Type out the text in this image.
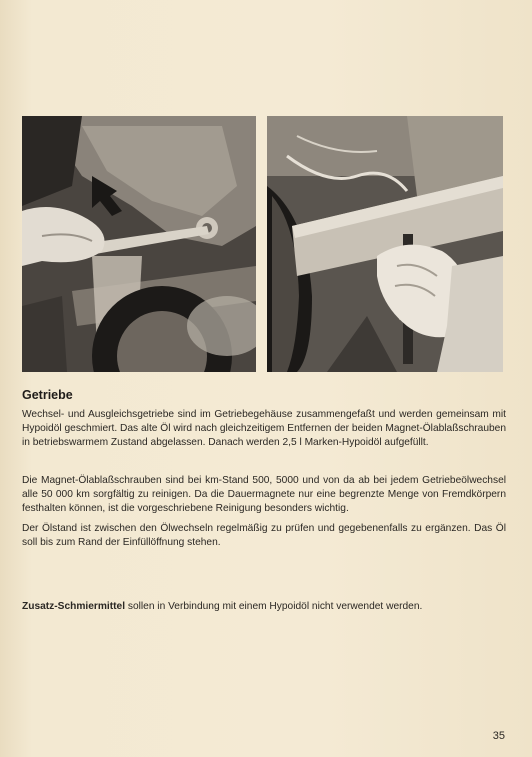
Getriebe

Wechsel- und Ausgleichsgetriebe sind im Getriebegehäuse zusammengefaßt und werden gemeinsam mit Hypoidöl geschmiert. Das alte Öl wird nach gleichzeitigem Entfernen der beiden Magnet-Ölablaßschrauben in betriebswarmem Zustand abgelassen. Danach werden 2,5 l Marken-Hypoidöl aufgefüllt.

Die Magnet-Ölablaßschrauben sind bei km-Stand 500, 5000 und von da ab bei jedem Getriebeölwechsel alle 50 000 km sorgfältig zu reinigen. Da die Dauermagnete nur eine begrenzte Menge von Fremdkörpern festhalten können, ist die vorgeschriebene Reinigung besonders wichtig.

Der Ölstand ist zwischen den Ölwechseln regelmäßig zu prüfen und gegebenenfalls zu ergänzen. Das Öl soll bis zum Rand der Einfüllöffnung stehen.

Zusatz-Schmiermittel sollen in Verbindung mit einem Hypoidöl nicht verwendet werden.

35
